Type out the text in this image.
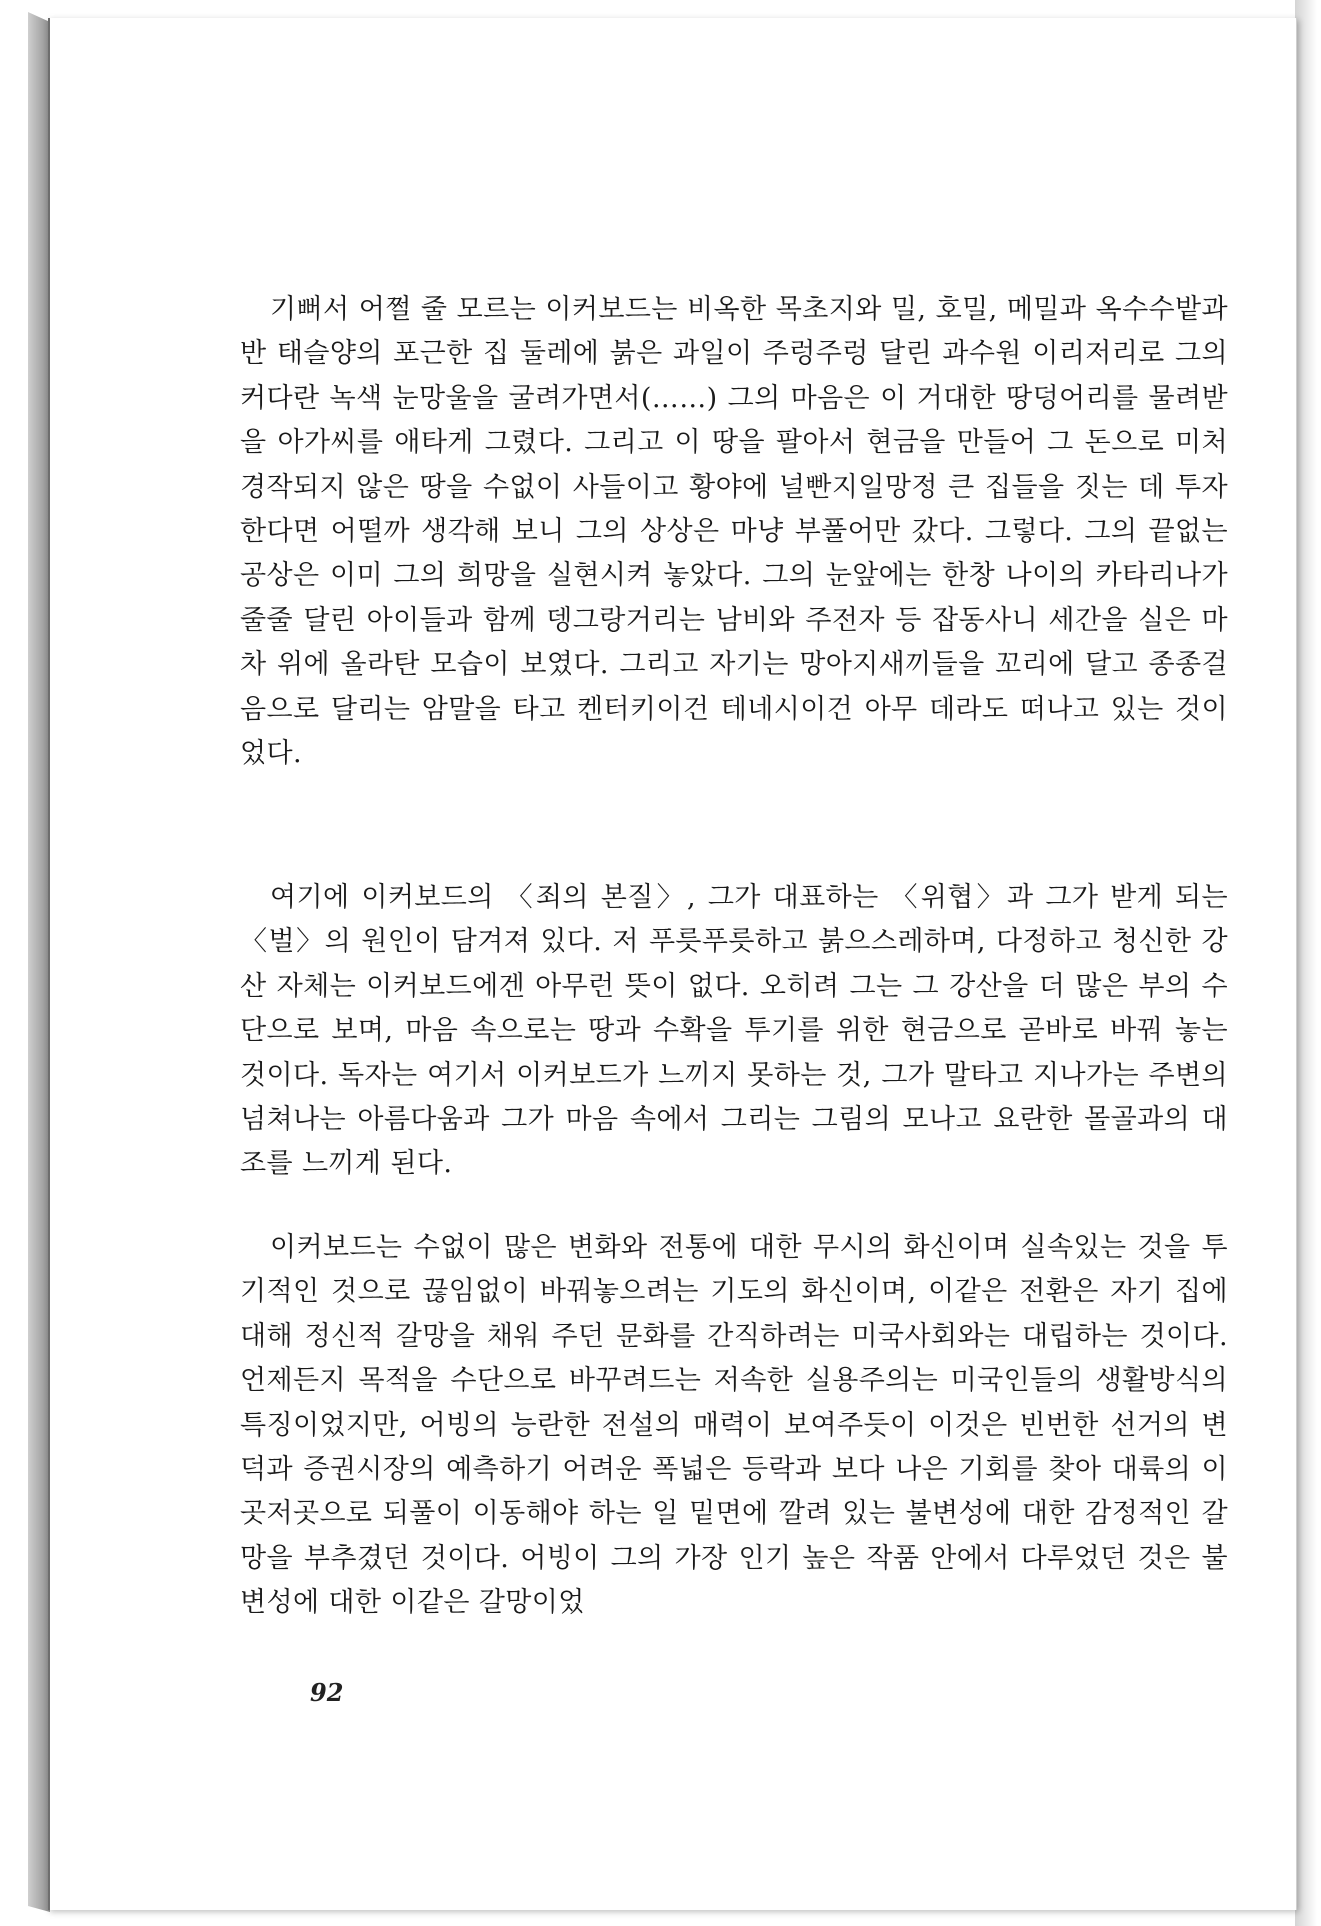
기뻐서 어쩔 줄 모르는 이커보드는 비옥한 목초지와 밀, 호밀, 메밀과 옥수수밭과 반 태슬양의 포근한 집 둘레에 붉은 과일이 주렁주렁 달린 과수원 이리저리로 그의 커다란 녹색 눈망울을 굴려가면서(……) 그의 마음은 이 거대한 땅덩어리를 물려받을 아가씨를 애타게 그렸다. 그리고 이 땅을 팔아서 현금을 만들어 그 돈으로 미처 경작되지 않은 땅을 수없이 사들이고 황야에 널빤지일망정 큰 집들을 짓는 데 투자한다면 어떨까 생각해 보니 그의 상상은 마냥 부풀어만 갔다. 그렇다. 그의 끝없는 공상은 이미 그의 희망을 실현시켜 놓았다. 그의 눈앞에는 한창 나이의 카타리나가 줄줄 달린 아이들과 함께 뎅그랑거리는 남비와 주전자 등 잡동사니 세간을 실은 마차 위에 올라탄 모습이 보였다. 그리고 자기는 망아지새끼들을 꼬리에 달고 종종걸음으로 달리는 암말을 타고 켄터키이건 테네시이건 아무 데라도 떠나고 있는 것이었다.

여기에 이커보드의 〈죄의 본질〉, 그가 대표하는 〈위협〉과 그가 받게 되는 〈벌〉의 원인이 담겨져 있다. 저 푸릇푸릇하고 붉으스레하며, 다정하고 청신한 강산 자체는 이커보드에겐 아무런 뜻이 없다. 오히려 그는 그 강산을 더 많은 부의 수단으로 보며, 마음 속으로는 땅과 수확을 투기를 위한 현금으로 곧바로 바꿔 놓는 것이다. 독자는 여기서 이커보드가 느끼지 못하는 것, 그가 말타고 지나가는 주변의 넘쳐나는 아름다움과 그가 마음 속에서 그리는 그림의 모나고 요란한 몰골과의 대조를 느끼게 된다.

이커보드는 수없이 많은 변화와 전통에 대한 무시의 화신이며 실속있는 것을 투기적인 것으로 끊임없이 바꿔놓으려는 기도의 화신이며, 이같은 전환은 자기 집에 대해 정신적 갈망을 채워 주던 문화를 간직하려는 미국사회와는 대립하는 것이다. 언제든지 목적을 수단으로 바꾸려드는 저속한 실용주의는 미국인들의 생활방식의 특징이었지만, 어빙의 능란한 전설의 매력이 보여주듯이 이것은 빈번한 선거의 변덕과 증권시장의 예측하기 어려운 폭넓은 등락과 보다 나은 기회를 찾아 대륙의 이곳저곳으로 되풀이 이동해야 하는 일 밑면에 깔려 있는 불변성에 대한 감정적인 갈망을 부추겼던 것이다. 어빙이 그의 가장 인기 높은 작품 안에서 다루었던 것은 불변성에 대한 이같은 갈망이었

92
